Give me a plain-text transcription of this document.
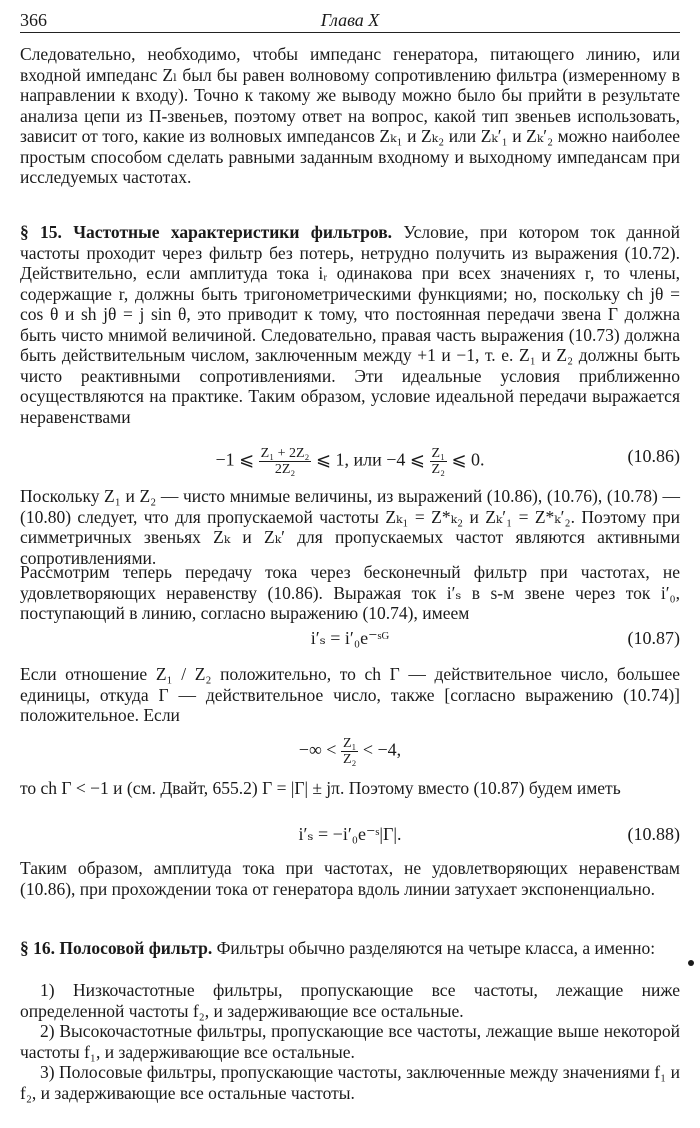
366	Глава X

Следовательно, необходимо, чтобы импеданс генератора, питающего линию, или входной импеданс Zₗ был бы равен волновому сопротивлению фильтра (измеренному в направлении к входу). Точно к такому же выводу можно было бы прийти в результате анализа цепи из П-звеньев, поэтому ответ на вопрос, какой тип звеньев использовать, зависит от того, какие из волновых импедансов Zₖ₁ и Zₖ₂ или Zₖ′₁ и Zₖ′₂ можно наиболее простым способом сделать равными заданным входному и выходному импедансам при исследуемых частотах.

§ 15. Частотные характеристики фильтров. Условие, при котором ток данной частоты проходит через фильтр без потерь, нетрудно получить из выражения (10.72). Действительно, если амплитуда тока iᵣ одинакова при всех значениях r, то члены, содержащие r, должны быть тригонометрическими функциями; но, поскольку ch jθ = cos θ и sh jθ = j sin θ, это приводит к тому, что постоянная передачи звена Γ должна быть чисто мнимой величиной. Следовательно, правая часть выражения (10.73) должна быть действительным числом, заключенным между +1 и −1, т. е. Z₁ и Z₂ должны быть чисто реактивными сопротивлениями. Эти идеальные условия приближенно осуществляются на практике. Таким образом, условие идеальной передачи выражается неравенствами

−1 ⩽ $\frac{\text{Z₁ + 2Z₂}}{\text{2Z₂}}$ ⩽ 1, или −4 ⩽ $\frac{\text{Z₁}}{\text{Z₂}}$ ⩽ 0.	(10.86)

Поскольку Z₁ и Z₂ — чисто мнимые величины, из выражений (10.86), (10.76), (10.78) — (10.80) следует, что для пропускаемой частоты Zₖ₁ = Z*ₖ₂ и Zₖ′₁ = Z*ₖ′₂. Поэтому при симметричных звеньях Zₖ и Zₖ′ для пропускаемых частот являются активными сопротивлениями.

Рассмотрим теперь передачу тока через бесконечный фильтр при частотах, не удовлетворяющих неравенству (10.86). Выражая ток i′ₛ в s-м звене через ток i′₀, поступающий в линию, согласно выражению (10.74), имеем

i′ₛ = i′₀e⁻ˢᴳ	(10.87)

Если отношение Z₁ / Z₂ положительно, то ch Γ — действительное число, большее единицы, откуда Γ — действительное число, также [согласно выражению (10.74)] положительное. Если

−∞ < $\frac{\text{Z₁}}{\text{Z₂}} < -4$,

то ch Γ < −1 и (см. Двайт, 655.2) Γ = |Γ| ± jπ. Поэтому вместо (10.87) будем иметь

i′ₛ = −i′₀e⁻ˢ|Γ|.	(10.88)

Таким образом, амплитуда тока при частотах, не удовлетворяющих неравенствам (10.86), при прохождении тока от генератора вдоль линии затухает экспоненциально.

§ 16. Полосовой фильтр. Фильтры обычно разделяются на четыре класса, а именно:

1) Низкочастотные фильтры, пропускающие все частоты, лежащие ниже определенной частоты f₂, и задерживающие все остальные.

2) Высокочастотные фильтры, пропускающие все частоты, лежащие выше некоторой частоты f₁, и задерживающие все остальные.

3) Полосовые фильтры, пропускающие частоты, заключенные между значениями f₁ и f₂, и задерживающие все остальные частоты.
